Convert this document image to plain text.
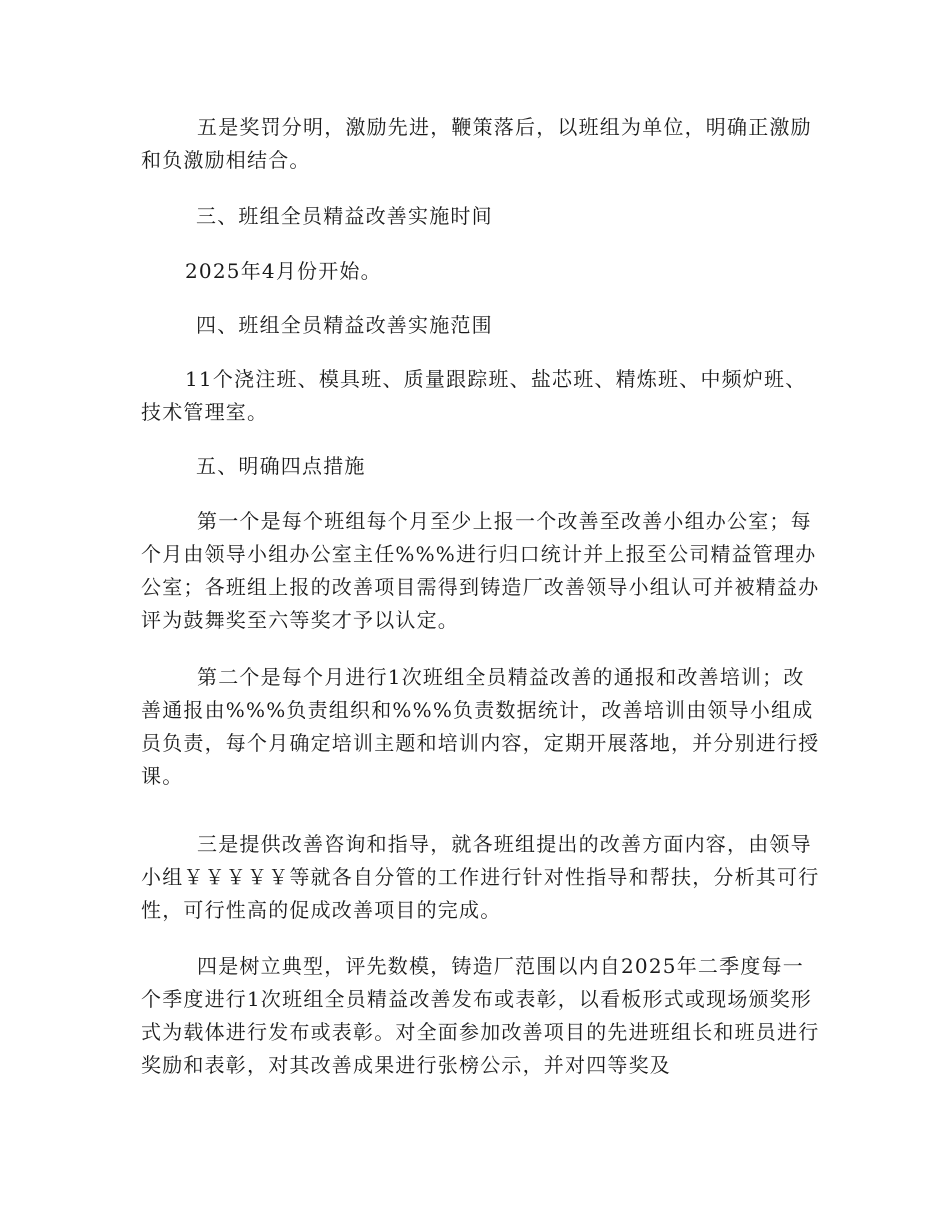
五是奖罚分明，激励先进，鞭策落后，以班组为单位，明确正激励和负激励相结合。

三、班组全员精益改善实施时间

2025年4月份开始。

四、班组全员精益改善实施范围

11个浇注班、模具班、质量跟踪班、盐芯班、精炼班、中频炉班、技术管理室。

五、明确四点措施

第一个是每个班组每个月至少上报一个改善至改善小组办公室；每个月由领导小组办公室主任%%%进行归口统计并上报至公司精益管理办公室；各班组上报的改善项目需得到铸造厂改善领导小组认可并被精益办评为鼓舞奖至六等奖才予以认定。

第二个是每个月进行1次班组全员精益改善的通报和改善培训；改善通报由%%%负责组织和%%%负责数据统计，改善培训由领导小组成员负责，每个月确定培训主题和培训内容，定期开展落地，并分别进行授课。

三是提供改善咨询和指导，就各班组提出的改善方面内容，由领导小组￥￥￥￥￥等就各自分管的工作进行针对性指导和帮扶，分析其可行性，可行性高的促成改善项目的完成。

四是树立典型，评先数模，铸造厂范围以内自2025年二季度每一个季度进行1次班组全员精益改善发布或表彰，以看板形式或现场颁奖形式为载体进行发布或表彰。对全面参加改善项目的先进班组长和班员进行奖励和表彰，对其改善成果进行张榜公示，并对四等奖及
